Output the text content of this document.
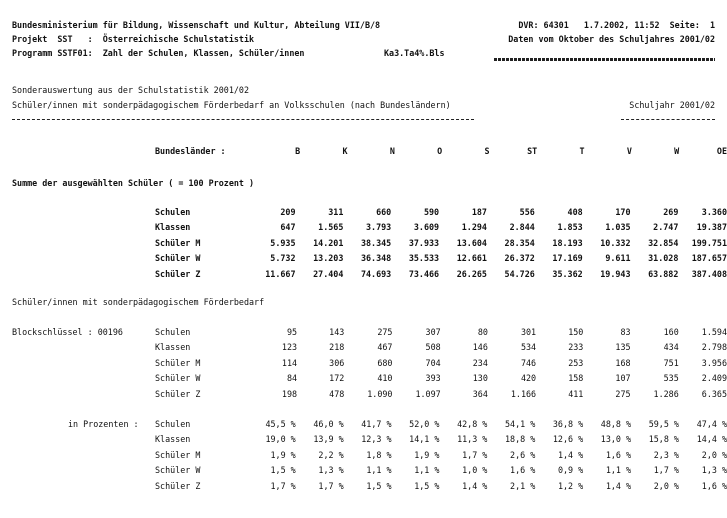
Bundesministerium für Bildung, Wissenschaft und Kultur, Abteilung VII/B/8	DVR: 64301   1.7.2002, 11:52  Seite:  1
Projekt  SST   :  Österreichische Schulstatistik	Daten vom Oktober des Schuljahres 2001/02
Programm SSTF01:  Zahl der Schulen, Klassen, Schüler/innen	Ka3.Ta4%.Bls
Sonderauswertung aus der Schulstatistik 2001/02
Schüler/innen mit sonderpädagogischem Förderbedarf an Volksschulen (nach Bundesländern)	Schuljahr 2001/02
Bundesländer :	B	K	N	O	S	ST	T	V	W	OE
Summe der ausgewählten Schüler ( = 100 Prozent )
Schulen	209	311	660	590	187	556	408	170	269	3.360
Klassen	647	1.565	3.793	3.609	1.294	2.844	1.853	1.035	2.747	19.387
Schüler M	5.935	14.201	38.345	37.933	13.604	28.354	18.193	10.332	32.854	199.751
Schüler W	5.732	13.203	36.348	35.533	12.661	26.372	17.169	9.611	31.028	187.657
Schüler Z	11.667	27.404	74.693	73.466	26.265	54.726	35.362	19.943	63.882	387.408
Schüler/innen mit sonderpädagogischem Förderbedarf
Blockschlüssel : 00196	Schulen	95	143	275	307	80	301	150	83	160	1.594
Klassen	123	218	467	508	146	534	233	135	434	2.798
Schüler M	114	306	680	704	234	746	253	168	751	3.956
Schüler W	84	172	410	393	130	420	158	107	535	2.409
Schüler Z	198	478	1.090	1.097	364	1.166	411	275	1.286	6.365
in Prozenten : Schulen	45,5 %	46,0 %	41,7 %	52,0 %	42,8 %	54,1 %	36,8 %	48,8 %	59,5 %	47,4 %
Klassen	19,0 %	13,9 %	12,3 %	14,1 %	11,3 %	18,8 %	12,6 %	13,0 %	15,8 %	14,4 %
Schüler M	1,9 %	2,2 %	1,8 %	1,9 %	1,7 %	2,6 %	1,4 %	1,6 %	2,3 %	2,0 %
Schüler W	1,5 %	1,3 %	1,1 %	1,1 %	1,0 %	1,6 %	0,9 %	1,1 %	1,7 %	1,3 %
Schüler Z	1,7 %	1,7 %	1,5 %	1,5 %	1,4 %	2,1 %	1,2 %	1,4 %	2,0 %	1,6 %
